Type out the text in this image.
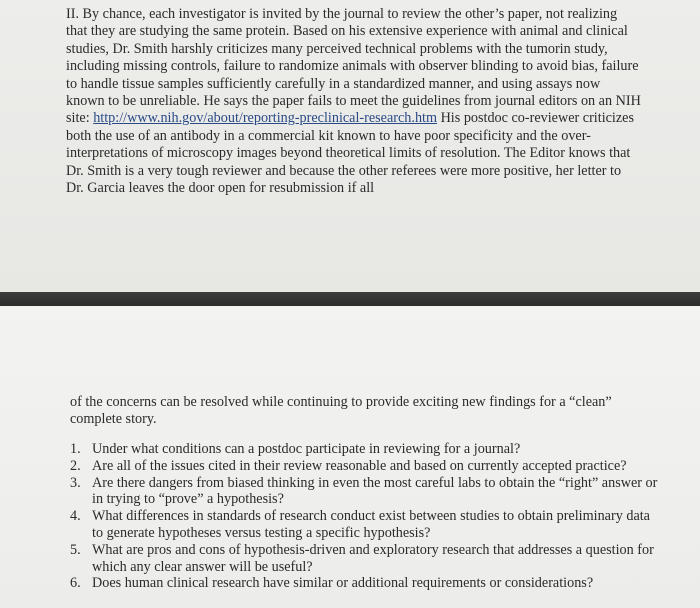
II. By chance, each investigator is invited by the journal to review the other’s paper, not realizing that they are studying the same protein. Based on his extensive experience with animal and clinical studies, Dr. Smith harshly criticizes many perceived technical problems with the tumorin study, including missing controls, failure to randomize animals with observer blinding to avoid bias, failure to handle tissue samples sufficiently carefully in a standardized manner, and using assays now known to be unreliable. He says the paper fails to meet the guidelines from journal editors on an NIH site: http://www.nih.gov/about/reporting-preclinical-research.htm His postdoc co-reviewer criticizes both the use of an antibody in a commercial kit known to have poor specificity and the over-interpretations of microscopy images beyond theoretical limits of resolution. The Editor knows that Dr. Smith is a very tough reviewer and because the other referees were more positive, her letter to Dr. Garcia leaves the door open for resubmission if all

of the concerns can be resolved while continuing to provide exciting new findings for a “clean” complete story.

1. Under what conditions can a postdoc participate in reviewing for a journal?
2. Are all of the issues cited in their review reasonable and based on currently accepted practice?
3. Are there dangers from biased thinking in even the most careful labs to obtain the “right” answer or in trying to “prove” a hypothesis?
4. What differences in standards of research conduct exist between studies to obtain preliminary data to generate hypotheses versus testing a specific hypothesis?
5. What are pros and cons of hypothesis-driven and exploratory research that addresses a question for which any clear answer will be useful?
6. Does human clinical research have similar or additional requirements or considerations?
